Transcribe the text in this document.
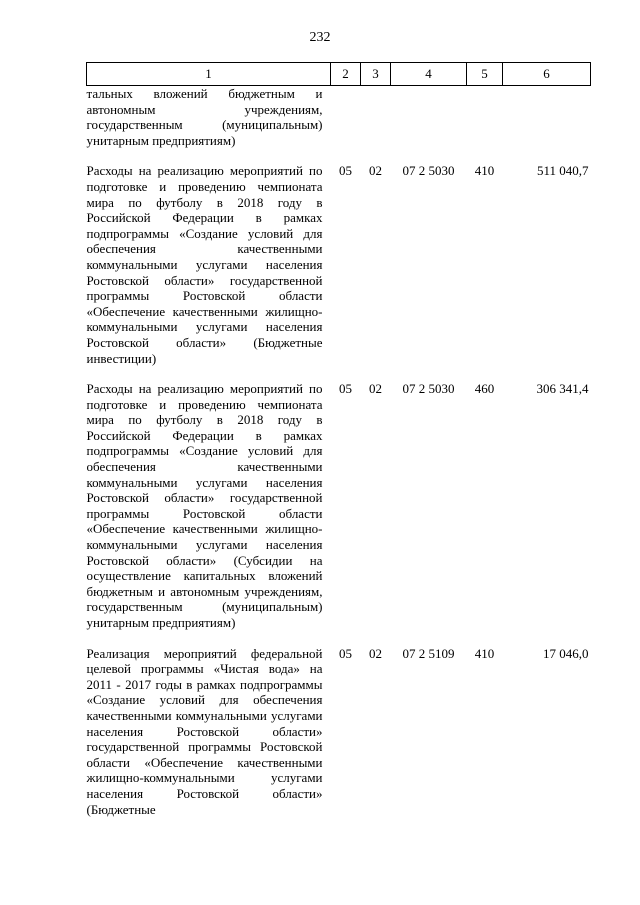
232
1	2	3	4	5	6
тальных вложений бюджетным и автономным учреждениям, государственным (муниципальным) унитарным предприятиям)					
Расходы на реализацию мероприятий по подготовке и проведению чемпионата мира по футболу в 2018 году в Российской Федерации в рамках подпрограммы «Создание условий для обеспечения качественными коммунальными услугами населения Ростовской области» государственной программы Ростовской области «Обеспечение качественными жилищно-коммунальными услугами населения Ростовской области» (Бюджетные инвестиции)	05	02	07 2 5030	410	511 040,7
Расходы на реализацию мероприятий по подготовке и проведению чемпионата мира по футболу в 2018 году в Российской Федерации в рамках подпрограммы «Создание условий для обеспечения качественными коммунальными услугами населения Ростовской области» государственной программы Ростовской области «Обеспечение качественными жилищно-коммунальными услугами населения Ростовской области» (Субсидии на осуществление капитальных вложений бюджетным и автономным учреждениям, государственным (муниципальным) унитарным предприятиям)	05	02	07 2 5030	460	306 341,4
Реализация мероприятий федеральной целевой программы «Чистая вода» на 2011 - 2017 годы в рамках подпрограммы «Создание условий для обеспечения качественными коммунальными услугами населения Ростовской области» государственной программы Ростовской области «Обеспечение качественными жилищно-коммунальными услугами населения Ростовской области» (Бюджетные	05	02	07 2 5109	410	17 046,0
